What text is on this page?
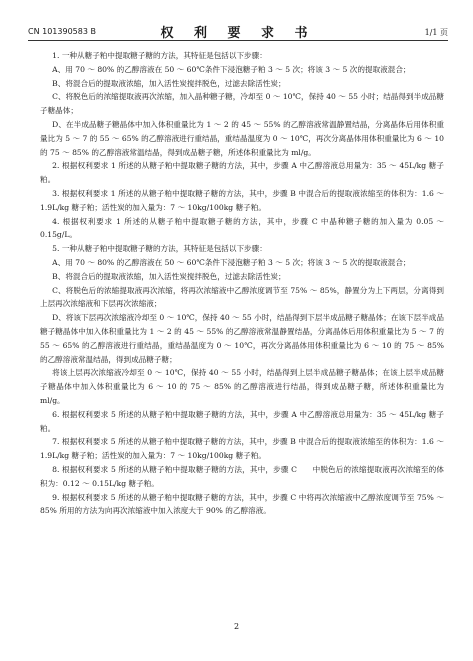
CN 101390583 B	权 利 要 求 书	1/1 页

1. 一种从糖子粕中提取糖子糖的方法，其特征是包括以下步骤：

A、用 70 ～ 80% 的乙醇溶液在 50 ～ 60℃条件下浸泡糖子粕 3 ～ 5 次；将该 3 ～ 5 次的提取液混合；

B、将混合后的提取液浓缩，加入活性炭搅拌脱色，过滤去除活性炭；

C、将脱色后的浓缩提取液再次浓缩，加入晶种糖子糖，冷却至 0 ～ 10℃，保持 40 ～ 55 小时；结晶得到半成品糖子糖晶体；

D、在半成品糖子糖晶体中加入体积重量比为 1 ～ 2 的 45 ～ 55% 的乙醇溶液常温静置结晶，分离晶体后用体积重量比为 5 ～ 7 的 55 ～ 65% 的乙醇溶液进行重结晶，重结晶温度为 0 ～ 10℃，再次分离晶体用体积重量比为 6 ～ 10 的 75 ～ 85% 的乙醇溶液常温结晶，得到成品糖子糖，所述体积重量比为 ml/g。

2. 根据权利要求 1 所述的从糖子粕中提取糖子糖的方法，其中，步骤 A 中乙醇溶液总用量为：35 ～ 45L/kg 糖子粕。

3. 根据权利要求 1 所述的从糖子粕中提取糖子糖的方法，其中，步骤 B 中混合后的提取液浓缩至的体积为：1.6 ～ 1.9L/kg 糖子粕；活性炭的加入量为：7 ～ 10kg/100kg 糖子粕。

4. 根据权利要求 1 所述的从糖子粕中提取糖子糖的方法，其中，步骤 C 中晶种糖子糖的加入量为 0.05 ～ 0.15g/L。

5. 一种从糖子粕中提取糖子糖的方法，其特征是包括以下步骤：

A、用 70 ～ 80% 的乙醇溶液在 50 ～ 60℃条件下浸泡糖子粕 3 ～ 5 次；将该 3 ～ 5 次的提取液混合；

B、将混合后的提取液浓缩，加入活性炭搅拌脱色，过滤去除活性炭；

C、将脱色后的浓缩提取液再次浓缩，将再次浓缩液中乙醇浓度调节至 75% ～ 85%，静置分为上下两层，分离得到上层再次浓缩液和下层再次浓缩液；

D、将该下层再次浓缩液冷却至 0 ～ 10℃，保持 40 ～ 55 小时，结晶得到下层半成品糖子糖晶体；在该下层半成品糖子糖晶体中加入体积重量比为 1 ～ 2 的 45 ～ 55% 的乙醇溶液常温静置结晶，分离晶体后用体积重量比为 5 ～ 7 的 55 ～ 65% 的乙醇溶液进行重结晶，重结晶温度为 0 ～ 10℃，再次分离晶体用体积重量比为 6 ～ 10 的 75 ～ 85% 的乙醇溶液常温结晶，得到成品糖子糖；

将该上层再次浓缩液冷却至 0 ～ 10℃，保持 40 ～ 55 小时，结晶得到上层半成品糖子糖晶体；在该上层半成品糖子糖晶体中加入体积重量比为 6 ～ 10 的 75 ～ 85% 的乙醇溶液进行结晶，得到成品糖子糖，所述体积重量比为 ml/g。

6. 根据权利要求 5 所述的从糖子粕中提取糖子糖的方法，其中，步骤 A 中乙醇溶液总用量为：35 ～ 45L/kg 糖子粕。

7. 根据权利要求 5 所述的从糖子粕中提取糖子糖的方法，其中，步骤 B 中混合后的提取液浓缩至的体积为：1.6 ～ 1.9L/kg 糖子粕；活性炭的加入量为：7 ～ 10kg/100kg 糖子粕。

8. 根据权利要求 5 所述的从糖子粕中提取糖子糖的方法，其中，步骤 C　　中脱色后的浓缩提取液再次浓缩至的体积为：0.12 ～ 0.15L/kg 糖子粕。

9. 根据权利要求 5 所述的从糖子粕中提取糖子糖的方法，其中，步骤 C 中将再次浓缩液中乙醇浓度调节至 75% ～ 85% 所用的方法为向再次浓缩液中加入浓度大于 90% 的乙醇溶液。

2
